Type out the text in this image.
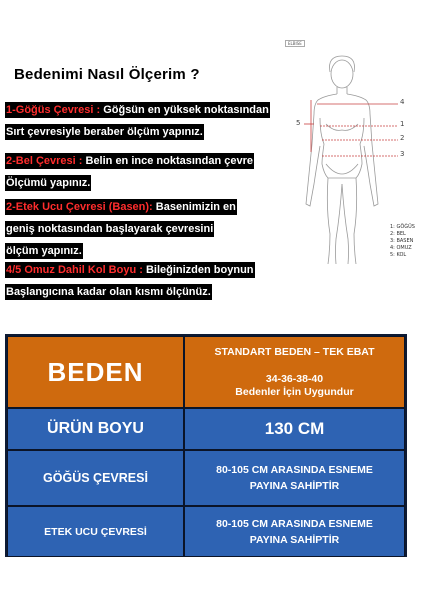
Bedenimi Nasıl Ölçerim ?

1-Göğüs Çevresi : Göğsün en yüksek noktasından

Sırt çevresiyle beraber ölçüm yapınız.

2-Bel Çevresi : Belin en ince noktasından çevre

Ölçümü yapınız.

2-Etek Ucu Çevresi (Basen): Basenimizin en

geniş noktasından başlayarak çevresini

ölçüm yapınız.

4/5 Omuz Dahil Kol Boyu : Bileğinizden boynun

Başlangıcına kadar olan kısmı ölçünüz.

ELBISE
4
1
2
3
5
1: GÖĞÜS
2: BEL
3: BASEN
4: OMUZ
5: KOL
BEDEN
STANDART BEDEN – TEK EBAT
34-36-38-40
Bedenler İçin Uygundur
ÜRÜN BOYU	130 CM
GÖĞÜS ÇEVRESİ
80-105 CM ARASINDA ESNEME
PAYINA SAHİPTİR
ETEK UCU ÇEVRESİ
80-105 CM ARASINDA ESNEME
PAYINA SAHİPTİR
